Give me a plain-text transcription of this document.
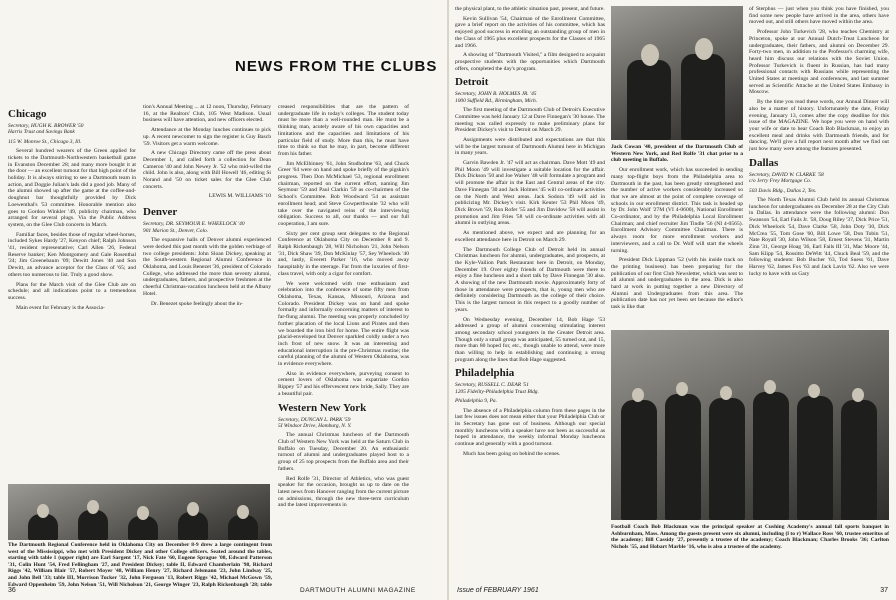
NEWS FROM THE CLUBS
Chicago
Secretary, HUGH K. BROWER '50
Harris Trust and Savings Bank
115 W. Monroe St., Chicago 3, Ill.

Several hundred wearers of the Green applied for tickets to the Dartmouth-Northwestern basketball game in Evanston December 28; and many more bought it at the door — an excellent turnout for that high point of the holiday. It is always stirring to see a Dartmouth team in action, and Doggie Julian's lads did a good job. Many of the alumni showed up after the game at the coffee-and-doughnut bar thoughtfully provided by Dick Loewenthal's '53 committee. Honorable mention also goes to Gordon Winkler '49, publicity chairman, who arranged for several plugs. Via the Public Address system, on the Glee Club concerts in March.

Familiar faces, besides those of regular wheel-horses, included Sykes Hardy '27, Kenyon chief; Ralph Johnson '41, resident representative; Carl Allen '26, Federal Reserve banker; Ken Montgomery and Gale Rosenthal '24; Jim Greenebaum '09; Dewitt Jones '40 and Son Dewitt, an advance acceptor for the Class of '65; and others too numerous to list. Truly a good show.

Plans for the March visit of the Glee Club are on schedule; and all indications point to a tremendous success.

Main event for February is the Associa-

tion's Annual Meeting ... at 12 noon, Thursday, February 16, at the Realtors' Club, 105 West Madison. Usual business will have attention, and new officers elected.

Attendance at the Monday lunches continues to pick up. A recent newcomer to sign the register is Guy Basch '59. Visitors get a warm welcome.

A new Chicago Directory came off the press about December 1, and called forth a collection for Dean Cameron '40 and John Newey Jr. '52 who mid-wifed the child. John is also, along with Bill Howell '46, editing Si Norand and '50 on ticket sales for the Glee Club concerts.

LEWIS M. WILLIAMS '10
Denver
Secretary, DR. SEYMOUR E. WHEELOCK '40
901 Marion St., Denver, Colo.

The expansive halls of Denver alumni experienced were decked this past month with the golden verbiage of two college presidents: John Sloan Dickey, speaking at the South-western Regional Alumni Conference in Oklahoma, and Louis Benezet '36, president of Colorado College, who addressed the more than seventy alumni, undergraduates, fathers, and prospective freshmen at the cheerful Christmas-vacation luncheon held at the Albany Hotel.

Dr. Benezet spoke feelingly about the in-

creased responsibilities that are the pattern of undergraduate life in today's colleges. The student today must be more than a well-rounded man. He must be a thinking man, acutely aware of his own capacities and limitations and the capacities and limitations of his particular field of study. More than this, he must have time to think so that he may, in part, become different from his father.

Jim McElhinney '61, John Studholme '63, and Chuck Greer '64 were on hand and spoke briefly of the pigskin's progress. Then Don McMichael '53, regional enrollment chairman, reported on the current effort, naming Jim Seymour '59 and Paul Clarkin '59 as co-chairmen of the School's Committee. Bob Woodward '54 as assistant enrollment head; and Steve Cowperthwaite '32 who will take over the navigated reins of the interviewing obligation. Success to all, our thanks — and our full cooperation, I am sure.

Sixty per cent group sent delegates to the Regional Conference at Oklahoma City on December 8 and 9. Ralph Rickenbaugh '28, Will Nicholson '21, John Nelson '31, Dick Shaw '39, Don McKinlay '57, Sey Wheelock '40 and, lastly, Everett Parker '16, who moved away hauspitably in the steerage. Far from the luxuries of first-class travel, with only a cigar for comfort.

We were welcomed with true enthusiasm and celebration into the conference of some fifty men from Oklahoma, Texas, Kansas, Missouri, Arizona and Colorado. President Dickey was on hand and spoke formally and informally concerning matters of interest to far-flung alumni. The meeting was properly concluded by further placation of the local Lions and Pirates and then we boarded the iron bird for home. The entire flight was placid-enveloped but Denver sparkled coldly under a two inch frost of new snow. It was an interesting and educational interruption in the pre-Christmas routine; the careful planning of the alumni of Western Oklahoma, was in evidence everywhere.

Also in evidence everywhere, purveying consent to cement lovers of Oklahoma was expatriate Gordon Rippey '57 and his effervescent new bride, Sally. They are a beautiful pair.

Western New York
Secretary, DUNCAN L. PARK '59
5I Windsor Drive, Hamburg, N. Y.

The annual Christmas luncheon of the Dartmouth Club of Western New York was held at the Saturn Club in Buffalo on Tuesday, December 20. An enthusiastic turnout of alumni and undergraduates played host to a group of 25 top prospects from the Buffalo area and their fathers.

Red Rolfe '31, Director of Athletics, who was guest speaker for the occasion, brought us up to date on the latest news from Hanover ranging from the current picture on admissions, through the new three-term curriculum and the latest improvements in

The Dartmouth Regional Conference held in Oklahoma City on December 8-9 drew a large contingent from west of the Mississippi, who met with President Dickey and other College officers. Seated around the tables, starting with table 1 (upper right) are Earl Sargent '17, Nick Fate '60, Eugene Sprague '08, Edward Patterson '31, Colin Hunt '54, Fred Fellingham '27, and President Dickey; table II, Edward Chamberlain '98, Richard Riggs '42, William Blair '57, Robert Moyer '48, William Henry '27, Richard Jelsmann '23, John Lindsay '25, and John Bell '33; table III, Morrison Tucker '32, John Ferguson '13, Robert Riggs '42, Michael McGown '59, Edward Oppenheim '59, John Nelson '51, Will Nicholson '21, George Winger '23, Ralph Rickenbaugh '28; table
36	DARTMOUTH ALUMNI MAGAZINE

the physical plant, to the athletic situation past, present, and future.

Kevin Sullivan '54, Chairman of the Enrollment Committee, gave a brief report on the activities of his committee, which has enjoyed good success in enrolling an outstanding group of men in the Class of 1965 plus excellent prospects for the Classes of 1965 and 1966.

A showing of "Dartmouth Visited," a film designed to acquaint prospective students with the opportunities which Dartmouth offers, completed the day's program.

Detroit
Secretary, JOHN B. HOLMES JR. '45
1000 Suffield Rd., Birmingham, Mich.

The first meeting of the Dartmouth Club of Detroit's Executive Committee was held January 12 at Dave Finnegan's '30 house. The meeting was called expressly to make preliminary plans for President Dickey's visit to Detroit on March 29.

Assignments were distributed and expectations are that this will be the largest turnout of Dartmouth Alumni here in Michigan in many years.

Garvin Bawden Jr. '47 will act as chairman. Dave Mott '49 and Phil Moon '49 will investigate a suitable location for the affair. Dick Dickson '50 and Joe Walser '48 will formulate a program and will promote the affair in the East and Central areas of the city. Dave Finnegan '30 and Jack Holmes '45 will co-ordinate activities on the North and West areas. Jack Sodora '49 will aid in publicizing Mr. Dickey's visit. Kirk Keuter '53 Phil Moon '49, Dick Brown '59, Ron Rofer '55 and Jim Davidow '58 will assist in promotion and Jim Fries '58 will co-ordinate activities with all alumni in outlying areas.

As mentioned above, we expect and are planning for an excellent attendance here in Detroit on March 29.

The Dartmouth College Club of Detroit held its annual Christmas luncheon for alumni, undergraduates, and prospects, at the Kyle-Vailion Park Restaurant here in Detroit, on Monday, December 19. Over eighty friends of Dartmouth were there to enjoy a fine luncheon and a short talk by Dave Finnegan '30 also. A showing of the new Dartmouth movie. Approximately forty of those in attendance were prospects, that is, young men who are definitely considering Dartmouth as the college of their choice. This is the largest turnout in this respect to a goodly number of years.

On Wednesday evening, December 14, Bob Hage '53 addressed a group of alumni concerning stimulating interest among secondary school youngsters in the Greater Detroit area. Though only a small group was anticipated, 55 turned out, and 15, more than 80 hoped for, etc., though unable to attend, were more than willing to help in establishing and continuing a strong program along the lines that Bob Hage suggested.

Philadelphia
Secretary, RUSSELL C. DEAR '51
1205 Fidelity-Philadelphia Trust Bldg.
Philadelphia 9, Pa.

The absence of a Philadelphia column from these pages in the last few issues does not mean either that your Philadelphia Club or its Secretary has gone out of business. Although our special monthly luncheons with a speaker have not been as successful as hoped in attendance, the weekly informal Monday luncheons continue and generally with a good turnout.

Much has been going on behind the scenes.

Jack Cowan '40, president of the Dartmouth Club of Western New York, and Red Rolfe '31 chat prior to a club meeting in Buffalo.

Our enrollment work, which has succeeded in sending many top-flight boys from the Philadelphia area to Dartmouth in the past, has been greatly strengthened and the number of active workers considerably increased so that we are almost at the point of complete coverage of schools in our enrollment district. This task is headed up by Dr. John Wolf '27M (VI 4-0600), National Enrollment Co-ordinator, and by the Philadelphia Local Enrollment Chairman; and chief recruiter Jim Tindle '56 (NI 4-0565). Enrollment Advisory Committee Chairman. There is always room for more enrollment workers and interviewers, and a call to Dr. Wolf will start the wheels turning.

President Dick Lippman '52 (with his inside track on the printing business) has been preparing for the publication of our first Club Newsletter, which was sent to all alumni and undergraduates in the area. Dick is also hard at work in putting together a new Directory of Alumni and Undergraduates from this area. The publication date has not yet been set because the editor's task is like that

of Sterphus — just when you think you have finished, you find some new people have arrived in the area, others have moved out, and still others have moved within the area.

Professor John Turkevich '28, who teaches Chemistry at Princeton, spoke at our Annual Dutch-Treat Luncheon for undergraduates, their fathers, and alumni on December 29. Forty-two men, in addition to the Professor's charming wife, heard him discuss our relations with the Soviet Union. Professor Turkevich is fluent in Russian, has had many professional contacts with Russians while representing the United States at meetings and conferences, and last summer served as Scientific Attache at the United States Embassy in Moscow.

By the time you read these words, our Annual Dinner will also be a matter of history. Unfortunately the date, Friday evening, January 13, comes after the copy deadline for this issue of the MAGAZINE. We hope you were on hand with your wife or date to hear Coach Bob Blackman, to enjoy an excellent meal and drinks with Dartmouth friends, and for dancing. We'll give a full report next month after we find out just how many were among the features presented.

Dallas
Secretary, DAVID W. CLARKE '58
c/o Jerry Frey Mortgage Co.
503 Davis Bldg., Dallas 2, Tex.

The North Texas Alumni Club held its annual Christmas luncheon for undergraduates on December 28 at the City Club in Dallas. In attendance were the following alumni: Don Swanson '54, Earl Fails Jr. '58, Doug Riley '37, Dick Price '51, Dick Wheelock '54, Dave Clarke '58, John Doty '30, Dick McCrea '55, Tom Gose '60, Bill Lowe '58, Don Tobin '51, Nate Royall '30, John Wilson '58, Ernest Stevens '31, Martin Zinn '31, George Hoag '36, Earl Fails III '31, Mac Moore '44, Sam Klipp '54, Rossitto DeWitt '44, Chuck Beal '59, and the following students: Bob Bucher '63, Tod Suess '61, Dave Harvey '62, James Fox '63 and Jack Lavin '62. Also we were lucky to have with us Gary

Football Coach Bob Blackman was the principal speaker at Cushing Academy's annual fall sports banquet in Ashburnham, Mass. Among the guests present were six alumni, including (l to r) Wallace Ross '60, trustee emeritus of the academy; Bill Cassidy '27, presently a trustee of the academy; Coach Blackman; Charles Brooks '36; Carlton Nichols '55, and Hobart Marble '16, who is also a trustee of the academy.
Issue of FEBRUARY 1961	37
